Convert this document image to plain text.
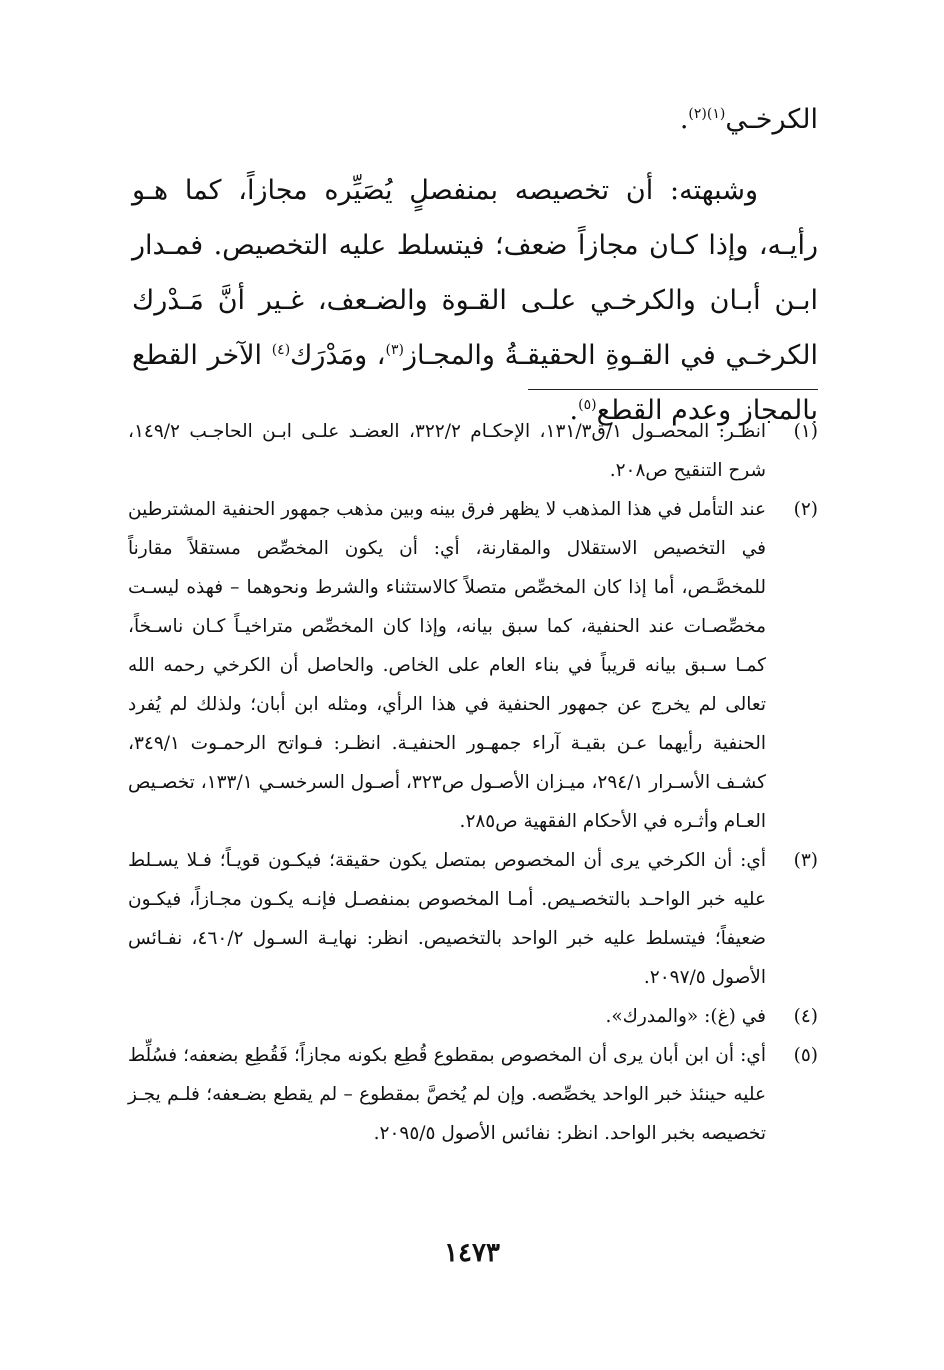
الكرخـي$^{(١)(٢)}$.

وشبهته: أن تخصيصه بمنفصلٍ يُصَيِّره مجازاً، كما هـو رأيـه، وإذا كـان مجازاً ضعف؛ فيتسلط عليه التخصيص. فمـدار ابـن أبـان والكرخـي علـى القـوة والضـعف، غـير أنَّ مَـدْرك الكرخـي في القـوةِ الحقيقـةُ والمجـاز$^{(٣)}$، ومَدْرَك$^{(٤)}$ الآخر القطع بالمجاز وعدم القطع$^{(٥)}$.

(١)
انظـر: المحصـول ١/ق١٣١/٣، الإحكـام ٣٢٢/٢، العضـد علـى ابـن الحاجـب ١٤٩/٢، شرح التنقيح ص٢٠٨.
(٢)
عند التأمل في هذا المذهب لا يظهر فرق بينه وبين مذهب جمهور الحنفية المشترطين في التخصيص الاستقلال والمقارنة، أي: أن يكون المخصِّص مستقلاً مقارناً للمخصَّـص، أما إذا كان المخصِّص متصلاً كالاستثناء والشرط ونحوهما – فهذه ليسـت مخصِّصـات عند الحنفية، كما سبق بيانه، وإذا كان المخصِّص متراخيـاً كـان ناسـخاً، كمـا سـبق بيانه قريباً في بناء العام على الخاص. والحاصل أن الكرخي رحمه الله تعالى لم يخرج عن جمهور الحنفية في هذا الرأي، ومثله ابن أبان؛ ولذلك لم يُفرد الحنفية رأيهما عـن بقيـة آراء جمهـور الحنفيـة. انظـر: فـواتح الرحمـوت ٣٤٩/١، كشـف الأسـرار ٢٩٤/١، ميـزان الأصـول ص٣٢٣، أصـول السرخسـي ١٣٣/١، تخصـيص العـام وأثـره في الأحكام الفقهية ص٢٨٥.
(٣)
أي: أن الكرخي يرى أن المخصوص بمتصل يكون حقيقة؛ فيكـون قويـاً؛ فـلا يسـلط عليه خبر الواحـد بالتخصـيص. أمـا المخصوص بمنفصـل فإنـه يكـون مجـازاً، فيكـون ضعيفاً؛ فيتسلط عليه خبر الواحد بالتخصيص. انظر: نهايـة السـول ٤٦٠/٢، نفـائس الأصول ٢٠٩٧/٥.
(٤)
في (غ): «والمدرك».
(٥)
أي: أن ابن أبان يرى أن المخصوص بمقطوع قُطِع بكونه مجازاً؛ فَقُطِع بضعفه؛ فسُلِّط عليه حينئذ خبر الواحد يخصِّصه. وإن لم يُخصَّ بمقطوع – لم يقطع بضـعفه؛ فلـم يجـز تخصيصه بخبر الواحد. انظر: نفائس الأصول ٢٠٩٥/٥.
١٤٧٣
